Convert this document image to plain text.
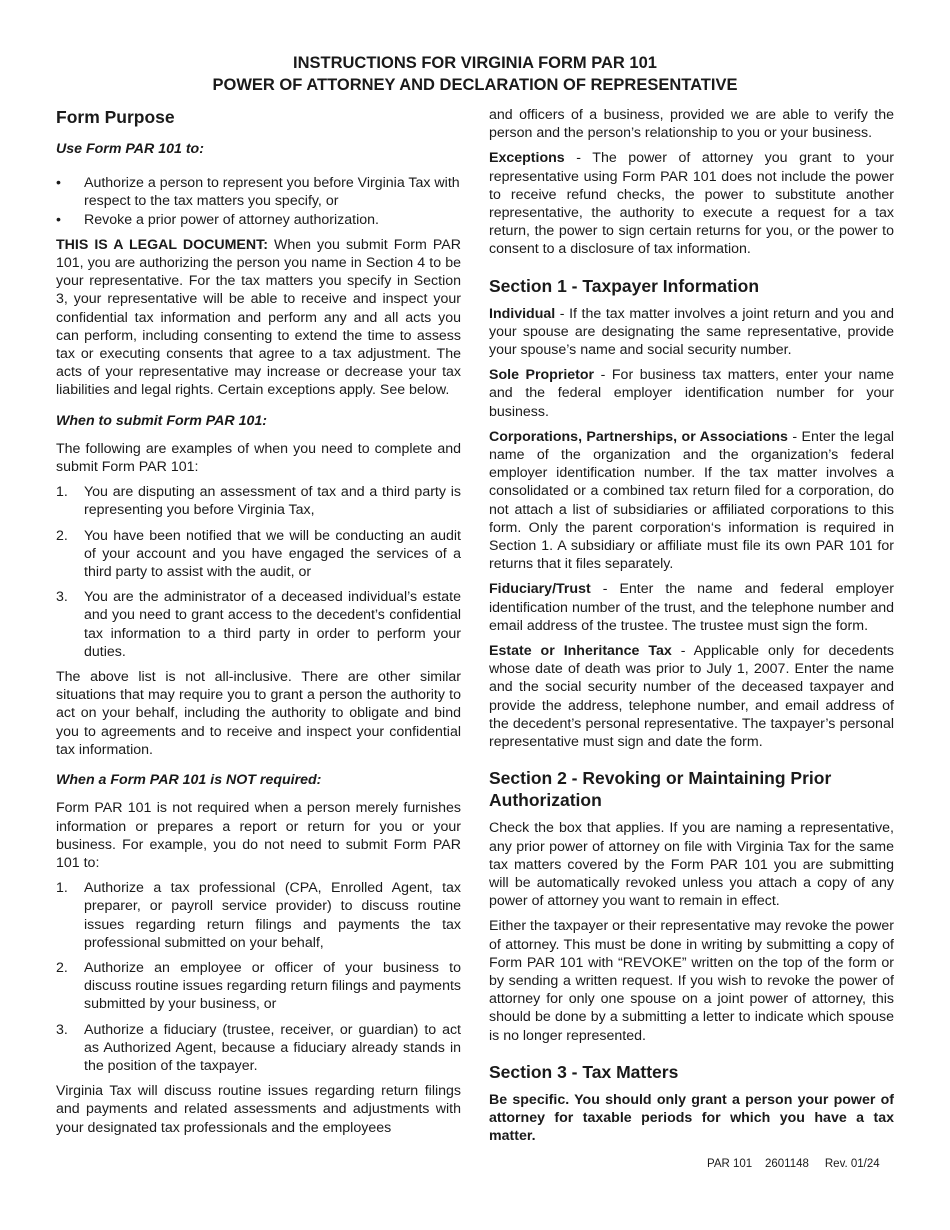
INSTRUCTIONS FOR VIRGINIA FORM PAR 101
POWER OF ATTORNEY AND DECLARATION OF REPRESENTATIVE
Form Purpose
Use Form PAR 101 to:
• Authorize a person to represent you before Virginia Tax with respect to the tax matters you specify, or
• Revoke a prior power of attorney authorization.

THIS IS A LEGAL DOCUMENT: When you submit Form PAR 101, you are authorizing the person you name in Section 4 to be your representative. For the tax matters you specify in Section 3, your representative will be able to receive and inspect your confidential tax information and perform any and all acts you can perform, including consenting to extend the time to assess tax or executing consents that agree to a tax adjustment. The acts of your representative may increase or decrease your tax liabilities and legal rights. Certain exceptions apply. See below.

When to submit Form PAR 101:

The following are examples of when you need to complete and submit Form PAR 101:

1. You are disputing an assessment of tax and a third party is representing you before Virginia Tax,
2. You have been notified that we will be conducting an audit of your account and you have engaged the services of a third party to assist with the audit, or
3. You are the administrator of a deceased individual’s estate and you need to grant access to the decedent’s confidential tax information to a third party in order to perform your duties.

The above list is not all-inclusive. There are other similar situations that may require you to grant a person the authority to act on your behalf, including the authority to obligate and bind you to agreements and to receive and inspect your confidential tax information.

When a Form PAR 101 is NOT required:

Form PAR 101 is not required when a person merely furnishes information or prepares a report or return for you or your business. For example, you do not need to submit Form PAR 101 to:

1. Authorize a tax professional (CPA, Enrolled Agent, tax preparer, or payroll service provider) to discuss routine issues regarding return filings and payments the tax professional submitted on your behalf,
2. Authorize an employee or officer of your business to discuss routine issues regarding return filings and payments submitted by your business, or
3. Authorize a fiduciary (trustee, receiver, or guardian) to act as Authorized Agent, because a fiduciary already stands in the position of the taxpayer.

Virginia Tax will discuss routine issues regarding return filings and payments and related assessments and adjustments with your designated tax professionals and the employees

and officers of a business, provided we are able to verify the person and the person’s relationship to you or your business.

Exceptions - The power of attorney you grant to your representative using Form PAR 101 does not include the power to receive refund checks, the power to substitute another representative, the authority to execute a request for a tax return, the power to sign certain returns for you, or the power to consent to a disclosure of tax information.

Section 1 - Taxpayer Information

Individual - If the tax matter involves a joint return and you and your spouse are designating the same representative, provide your spouse’s name and social security number.

Sole Proprietor - For business tax matters, enter your name and the federal employer identification number for your business.

Corporations, Partnerships, or Associations - Enter the legal name of the organization and the organization’s federal employer identification number. If the tax matter involves a consolidated or a combined tax return filed for a corporation, do not attach a list of subsidiaries or affiliated corporations to this form. Only the parent corporation‘s information is required in Section 1. A subsidiary or affiliate must file its own PAR 101 for returns that it files separately.

Fiduciary/Trust - Enter the name and federal employer identification number of the trust, and the telephone number and email address of the trustee. The trustee must sign the form.

Estate or Inheritance Tax - Applicable only for decedents whose date of death was prior to July 1, 2007. Enter the name and the social security number of the deceased taxpayer and provide the address, telephone number, and email address of the decedent’s personal representative. The taxpayer’s personal representative must sign and date the form.

Section 2 - Revoking or Maintaining Prior Authorization

Check the box that applies. If you are naming a representative, any prior power of attorney on file with Virginia Tax for the same tax matters covered by the Form PAR 101 you are submitting will be automatically revoked unless you attach a copy of any power of attorney you want to remain in effect.

Either the taxpayer or their representative may revoke the power of attorney. This must be done in writing by submitting a copy of Form PAR 101 with “REVOKE” written on the top of the form or by sending a written request. If you wish to revoke the power of attorney for only one spouse on a joint power of attorney, this should be done by a submitting a letter to indicate which spouse is no longer represented.

Section 3 - Tax Matters

Be specific. You should only grant a person your power of attorney for taxable periods for which you have a tax matter.

PAR 101 2601148 Rev. 01/24
